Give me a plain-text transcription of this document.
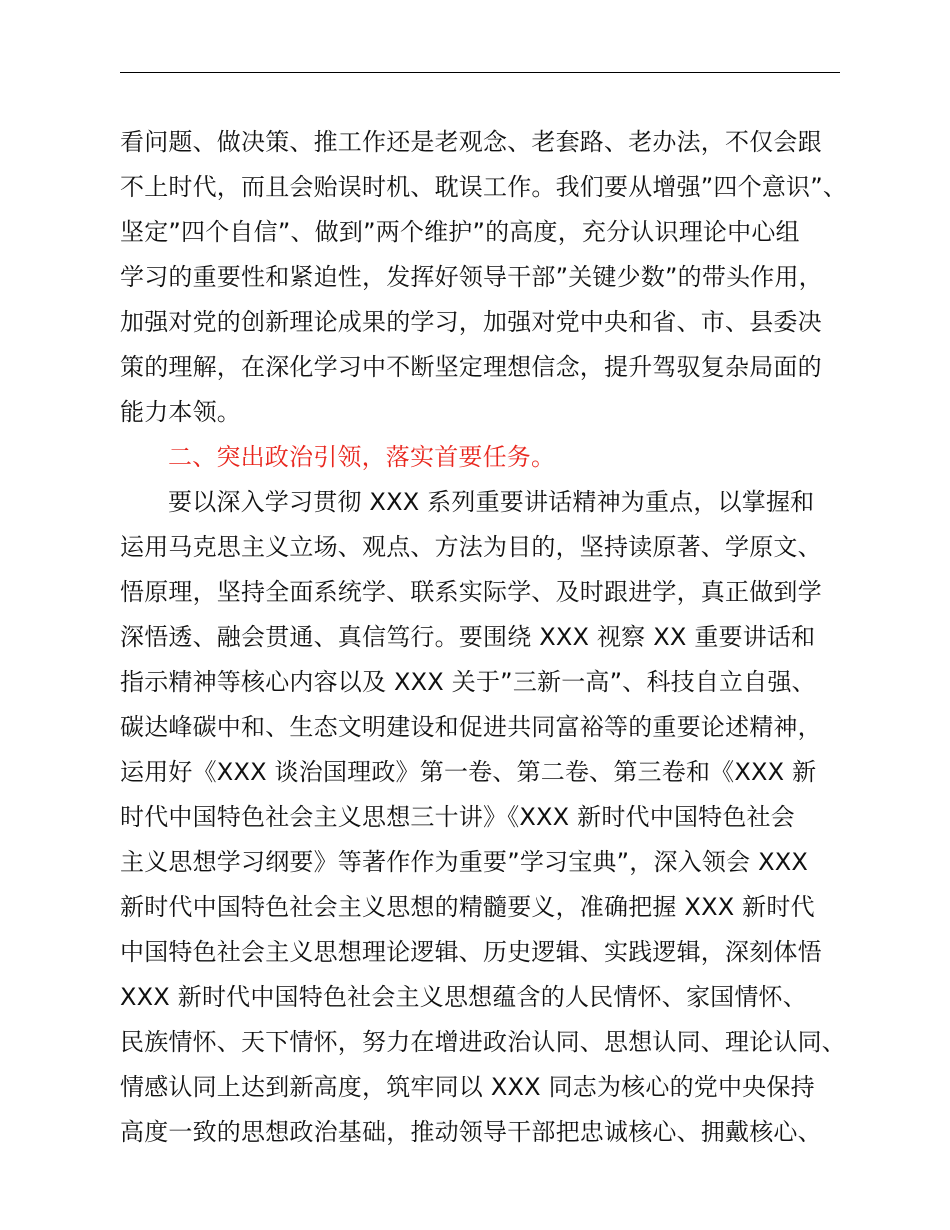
看问题、做决策、推工作还是老观念、老套路、老办法，不仅会跟
不上时代，而且会贻误时机、耽误工作。我们要从增强”四个意识”、
坚定”四个自信”、做到”两个维护”的高度，充分认识理论中心组
学习的重要性和紧迫性，发挥好领导干部”关键少数”的带头作用，
加强对党的创新理论成果的学习，加强对党中央和省、市、县委决
策的理解，在深化学习中不断坚定理想信念，提升驾驭复杂局面的
能力本领。
二、突出政治引领，落实首要任务。
要以深入学习贯彻 XXX 系列重要讲话精神为重点，以掌握和
运用马克思主义立场、观点、方法为目的，坚持读原著、学原文、
悟原理，坚持全面系统学、联系实际学、及时跟进学，真正做到学
深悟透、融会贯通、真信笃行。要围绕 XXX 视察 XX 重要讲话和
指示精神等核心内容以及 XXX 关于”三新一高”、科技自立自强、
碳达峰碳中和、生态文明建设和促进共同富裕等的重要论述精神，
运用好《XXX 谈治国理政》第一卷、第二卷、第三卷和《XXX 新
时代中国特色社会主义思想三十讲》《XXX 新时代中国特色社会
主义思想学习纲要》等著作作为重要”学习宝典”，深入领会 XXX
新时代中国特色社会主义思想的精髓要义，准确把握 XXX 新时代
中国特色社会主义思想理论逻辑、历史逻辑、实践逻辑，深刻体悟
XXX 新时代中国特色社会主义思想蕴含的人民情怀、家国情怀、
民族情怀、天下情怀，努力在增进政治认同、思想认同、理论认同、
情感认同上达到新高度，筑牢同以 XXX 同志为核心的党中央保持
高度一致的思想政治基础，推动领导干部把忠诚核心、拥戴核心、
